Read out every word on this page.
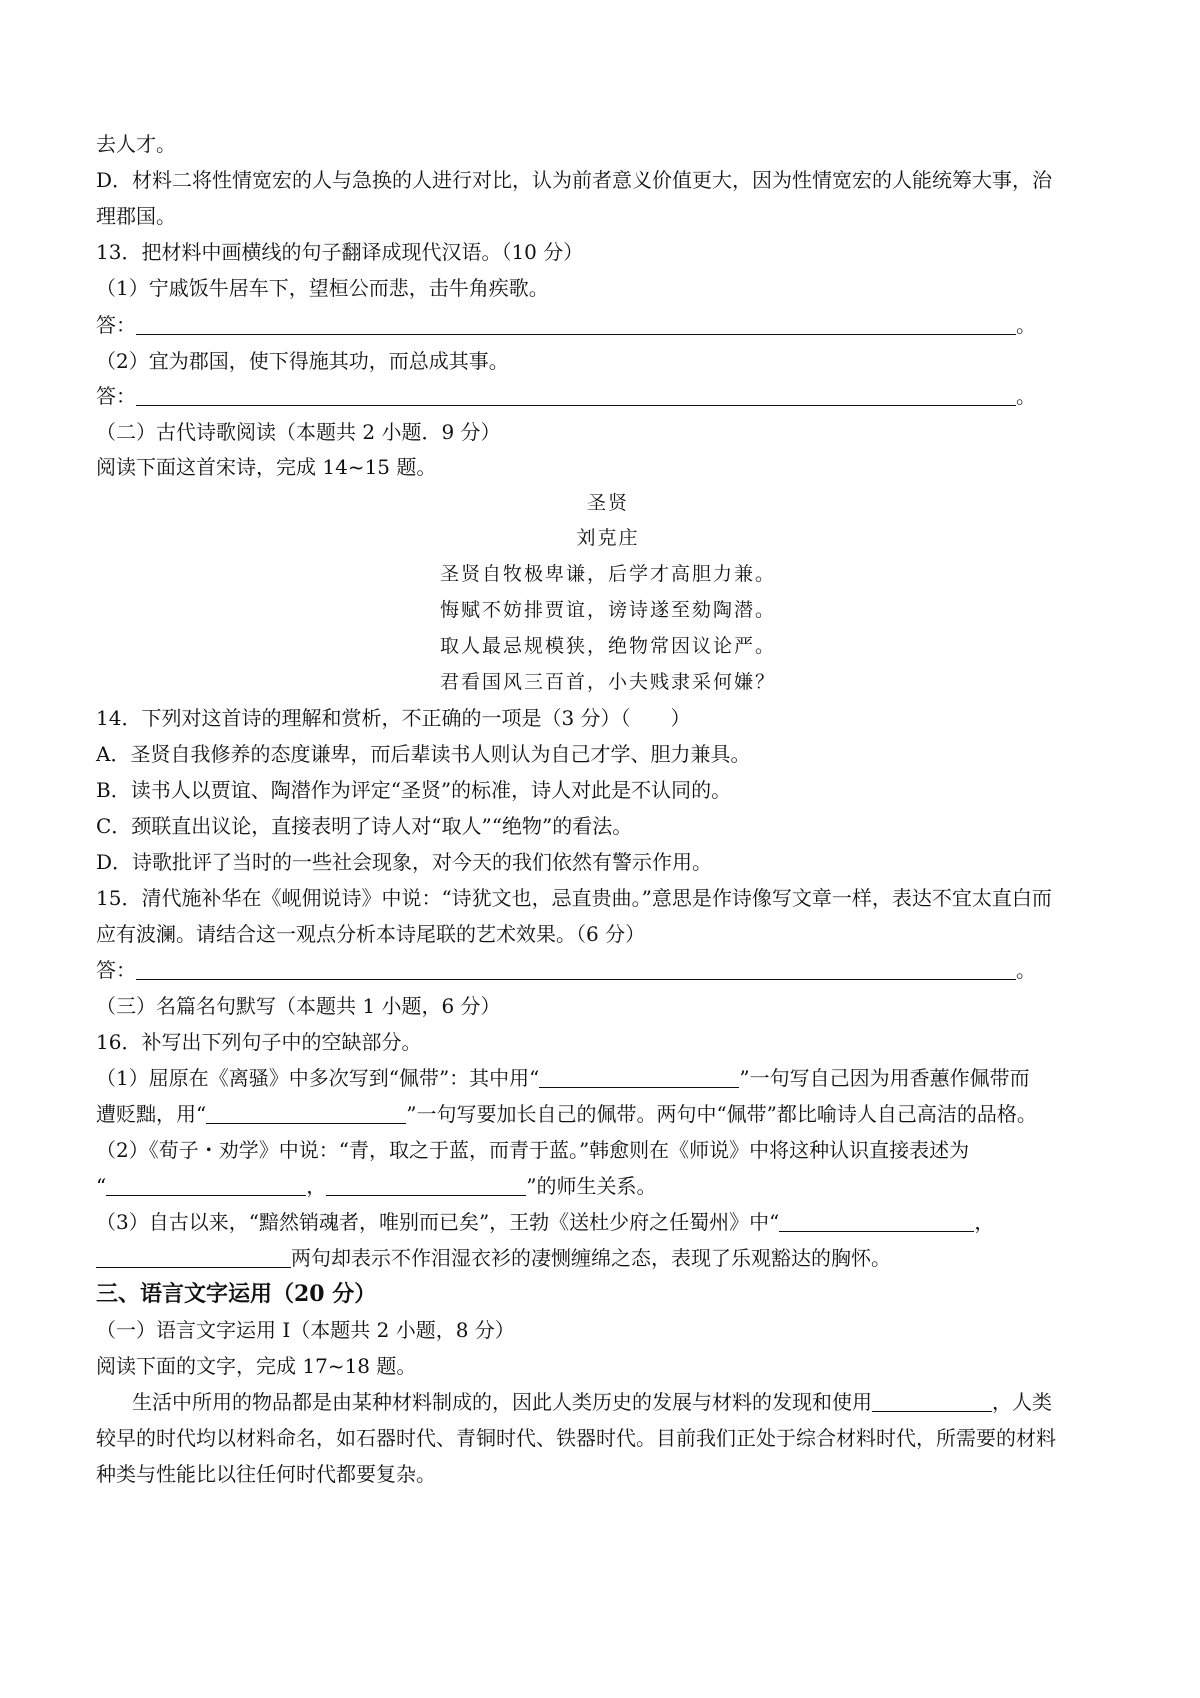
去人才。
D．材料二将性情宽宏的人与急换的人进行对比，认为前者意义价值更大，因为性情宽宏的人能统筹大事，治
理郡国。
13．把材料中画横线的句子翻译成现代汉语。（10 分）
（1）宁戚饭牛居车下，望桓公而悲，击牛角疾歌。
答：	。
（2）宜为郡国，使下得施其功，而总成其事。
答：	。
（二）古代诗歌阅读（本题共 2 小题．9 分）
阅读下面这首宋诗，完成 14~15 题。
圣贤
刘克庄
圣贤自牧极卑谦，后学才高胆力兼。
悔赋不妨排贾谊，谤诗遂至劾陶潜。
取人最忌规模狭，绝物常因议论严。
君看国风三百首，小夫贱隶采何嫌？
14．下列对这首诗的理解和赏析，不正确的一项是（3 分）（　　）
A．圣贤自我修养的态度谦卑，而后辈读书人则认为自己才学、胆力兼具。
B．读书人以贾谊、陶潜作为评定“圣贤”的标准，诗人对此是不认同的。
C．颈联直出议论，直接表明了诗人对“取人”“绝物”的看法。
D．诗歌批评了当时的一些社会现象，对今天的我们依然有警示作用。
15．清代施补华在《岘佣说诗》中说：“诗犹文也，忌直贵曲。”意思是作诗像写文章一样，表达不宜太直白而
应有波澜。请结合这一观点分析本诗尾联的艺术效果。（6 分）
答：	。
（三）名篇名句默写（本题共 1 小题，6 分）
16．补写出下列句子中的空缺部分。
（1）屈原在《离骚》中多次写到“佩带”：其中用“	”一句写自己因为用香蕙作佩带而
遭贬黜，用“	”一句写要加长自己的佩带。两句中“佩带”都比喻诗人自己高洁的品格。
（2）《荀子・劝学》中说：“青，取之于蓝，而青于蓝。”韩愈则在《师说》中将这种认识直接表述为
“	，	”的师生关系。
（3）自古以来，“黯然销魂者，唯别而已矣”，王勃《送杜少府之任蜀州》中“	，
两句却表示不作泪湿衣衫的凄恻缠绵之态，表现了乐观豁达的胸怀。
三、语言文字运用（20 分）
（一）语言文字运用 I（本题共 2 小题，8 分）
阅读下面的文字，完成 17~18 题。
生活中所用的物品都是由某种材料制成的，因此人类历史的发展与材料的发现和使用	，人类
较早的时代均以材料命名，如石器时代、青铜时代、铁器时代。目前我们正处于综合材料时代，所需要的材料
种类与性能比以往任何时代都要复杂。
